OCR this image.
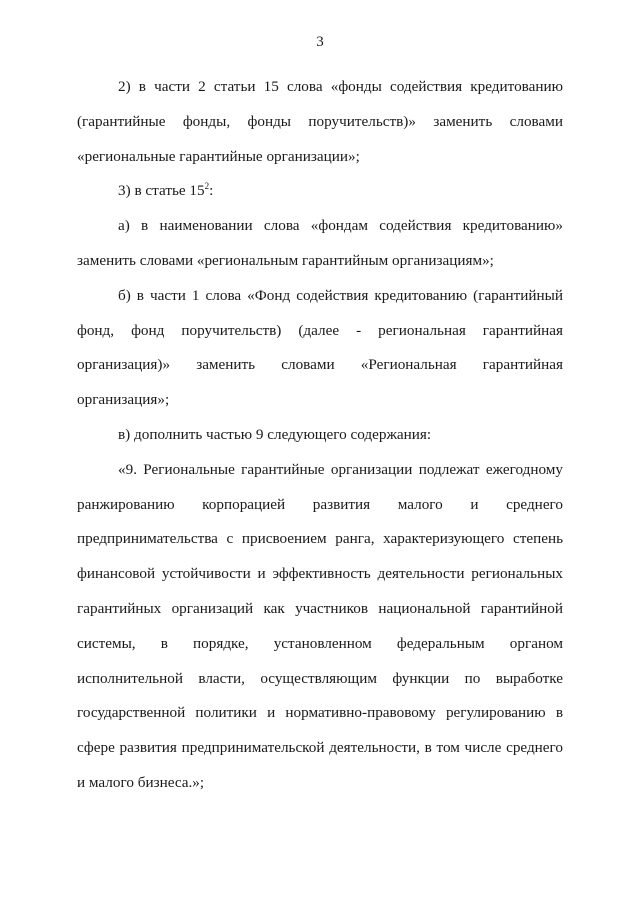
3

2) в части 2 статьи 15 слова «фонды содействия кредитованию (гарантийные фонды, фонды поручительств)» заменить словами «региональные гарантийные организации»;

3) в статье $15^2$:

а) в наименовании слова «фондам содействия кредитованию» заменить словами «региональным гарантийным организациям»;

б) в части 1 слова «Фонд содействия кредитованию (гарантийный фонд, фонд поручительств) (далее - региональная гарантийная организация)» заменить словами «Региональная гарантийная организация»;

в) дополнить частью 9 следующего содержания:

«9. Региональные гарантийные организации подлежат ежегодному ранжированию корпорацией развития малого и среднего предпринимательства с присвоением ранга, характеризующего степень финансовой устойчивости и эффективность деятельности региональных гарантийных организаций как участников национальной гарантийной системы, в порядке, установленном федеральным органом исполнительной власти, осуществляющим функции по выработке государственной политики и нормативно-правовому регулированию в сфере развития предпринимательской деятельности, в том числе среднего и малого бизнеса.»;
